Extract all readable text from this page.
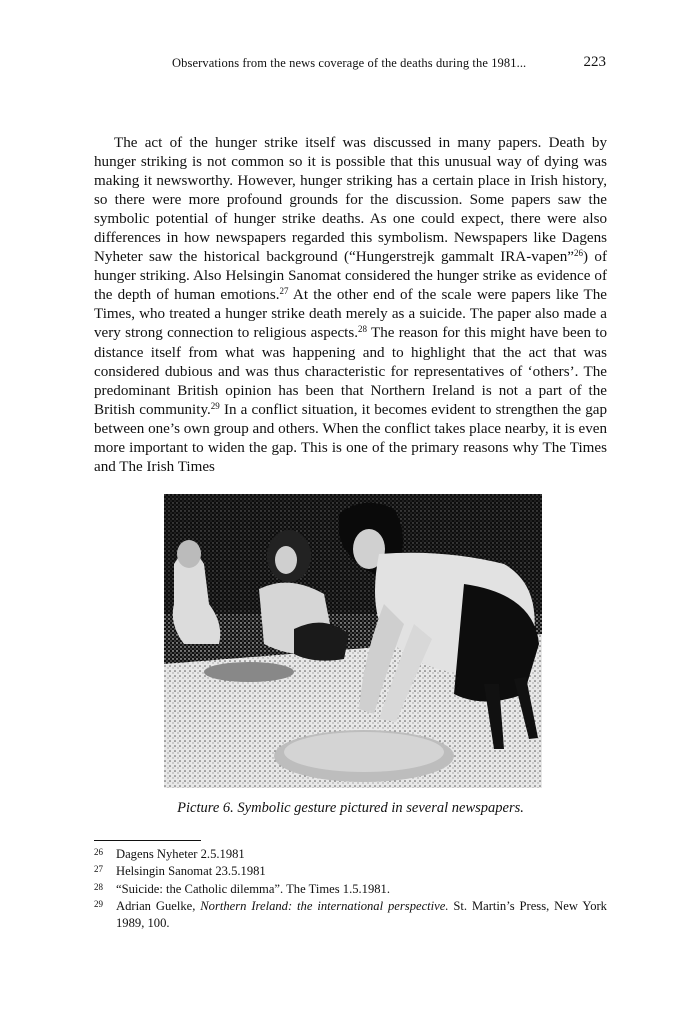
Observations from the news coverage of the deaths during the 1981...	223

The act of the hunger strike itself was discussed in many papers. Death by hunger striking is not common so it is possible that this unusual way of dying was making it newsworthy. However, hunger striking has a certain place in Irish history, so there were more profound grounds for the discussion. Some papers saw the symbolic potential of hunger strike deaths. As one could expect, there were also differences in how newspapers regarded this symbolism. Newspapers like Dagens Nyheter saw the historical background (“Hungerstrejk gammalt IRA-vapen”$^{26}$) of hunger striking. Also Helsingin Sanomat considered the hunger strike as evidence of the depth of human emotions.$^{27}$ At the other end of the scale were papers like The Times, who treated a hunger strike death merely as a suicide. The paper also made a very strong connection to religious aspects.$^{28}$ The reason for this might have been to distance itself from what was happening and to highlight that the act that was considered dubious and was thus characteristic for representatives of ‘others’. The predominant British opinion has been that Northern Ireland is not a part of the British community.$^{29}$ In a conflict situation, it becomes evident to strengthen the gap between one’s own group and others. When the conflict takes place nearby, it is even more important to widen the gap. This is one of the primary reasons why The Times and The Irish Times

Picture 6. Symbolic gesture pictured in several newspapers.
26 Dagens Nyheter 2.5.1981
27 Helsingin Sanomat 23.5.1981
28 “Suicide: the Catholic dilemma”. The Times 1.5.1981.
29 Adrian Guelke, Northern Ireland: the international perspective. St. Martin’s Press, New York 1989, 100.
